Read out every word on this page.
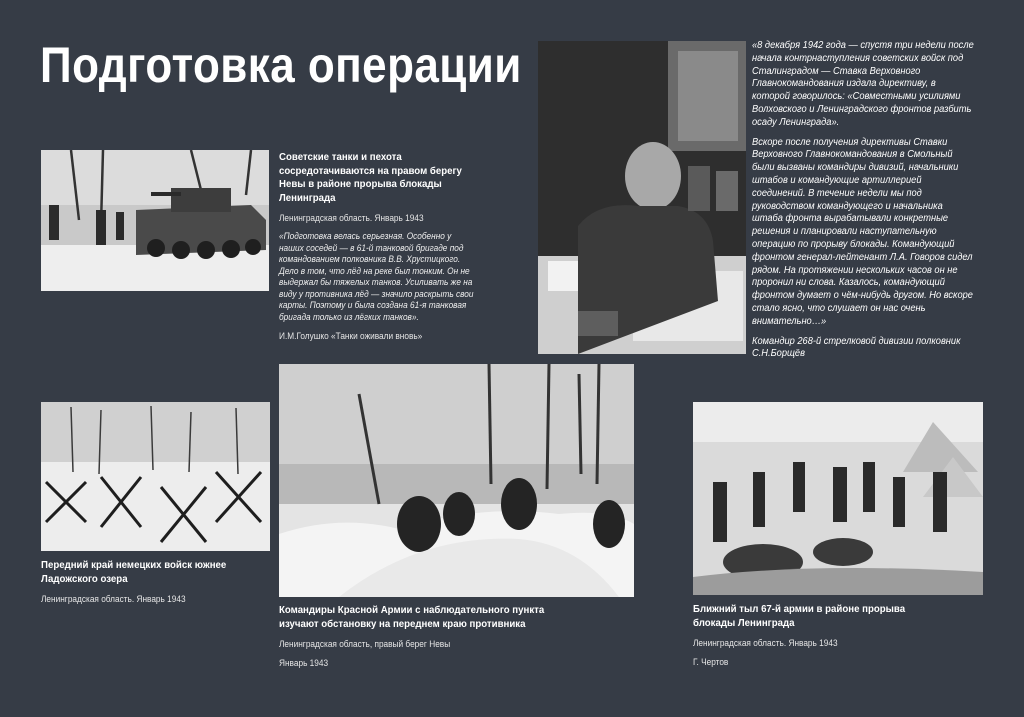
Подготовка операции
Советские танки и пехота сосредотачиваются на правом берегу Невы в районе прорыва блокады Ленинграда
Ленинградская область. Январь 1943
«Подготовка велась серьезная. Особенно у наших соседей — в 61-й танковой бригаде под командованием полковника В.В. Хрустицкого. Дело в том, что лёд на реке был тонким. Он не выдержал бы тяжелых танков. Усиливать же на виду у противника лёд — значило раскрыть свои карты. Поэтому и была создана 61-я танковая бригада только из лёгких танков».
И.М.Голушко «Танки оживали вновь»

«8 декабря 1942 года — спустя три недели после начала контрнаступления советских войск под Сталинградом — Ставка Верховного Главнокомандования издала директиву, в которой говорилось: «Совместными усилиями Волховского и Ленинградского фронтов разбить осаду Ленинграда».

Вскоре после получения директивы Ставки Верховного Главнокомандования в Смольный были вызваны командиры дивизий, начальники штабов и командующие артиллерией соединений. В течение недели мы под руководством командующего и начальника штаба фронта вырабатывали конкретные решения и планировали наступательную операцию по прорыву блокады. Командующий фронтом генерал-лейтенант Л.А. Говоров сидел рядом. На протяжении нескольких часов он не проронил ни слова. Казалось, командующий фронтом думает о чём-нибудь другом. Но вскоре стало ясно, что слушает он нас очень внимательно…»

Командир 268-й стрелковой дивизии полковник С.Н.Борщёв

Передний край немецких войск южнее Ладожского озера
Ленинградская область. Январь 1943
Командиры Красной Армии с наблюдательного пункта изучают обстановку на переднем краю противника
Ленинградская область, правый берег Невы
Январь 1943
Ближний тыл 67-й армии в районе прорыва блокады Ленинграда
Ленинградская область. Январь 1943
Г. Чертов
